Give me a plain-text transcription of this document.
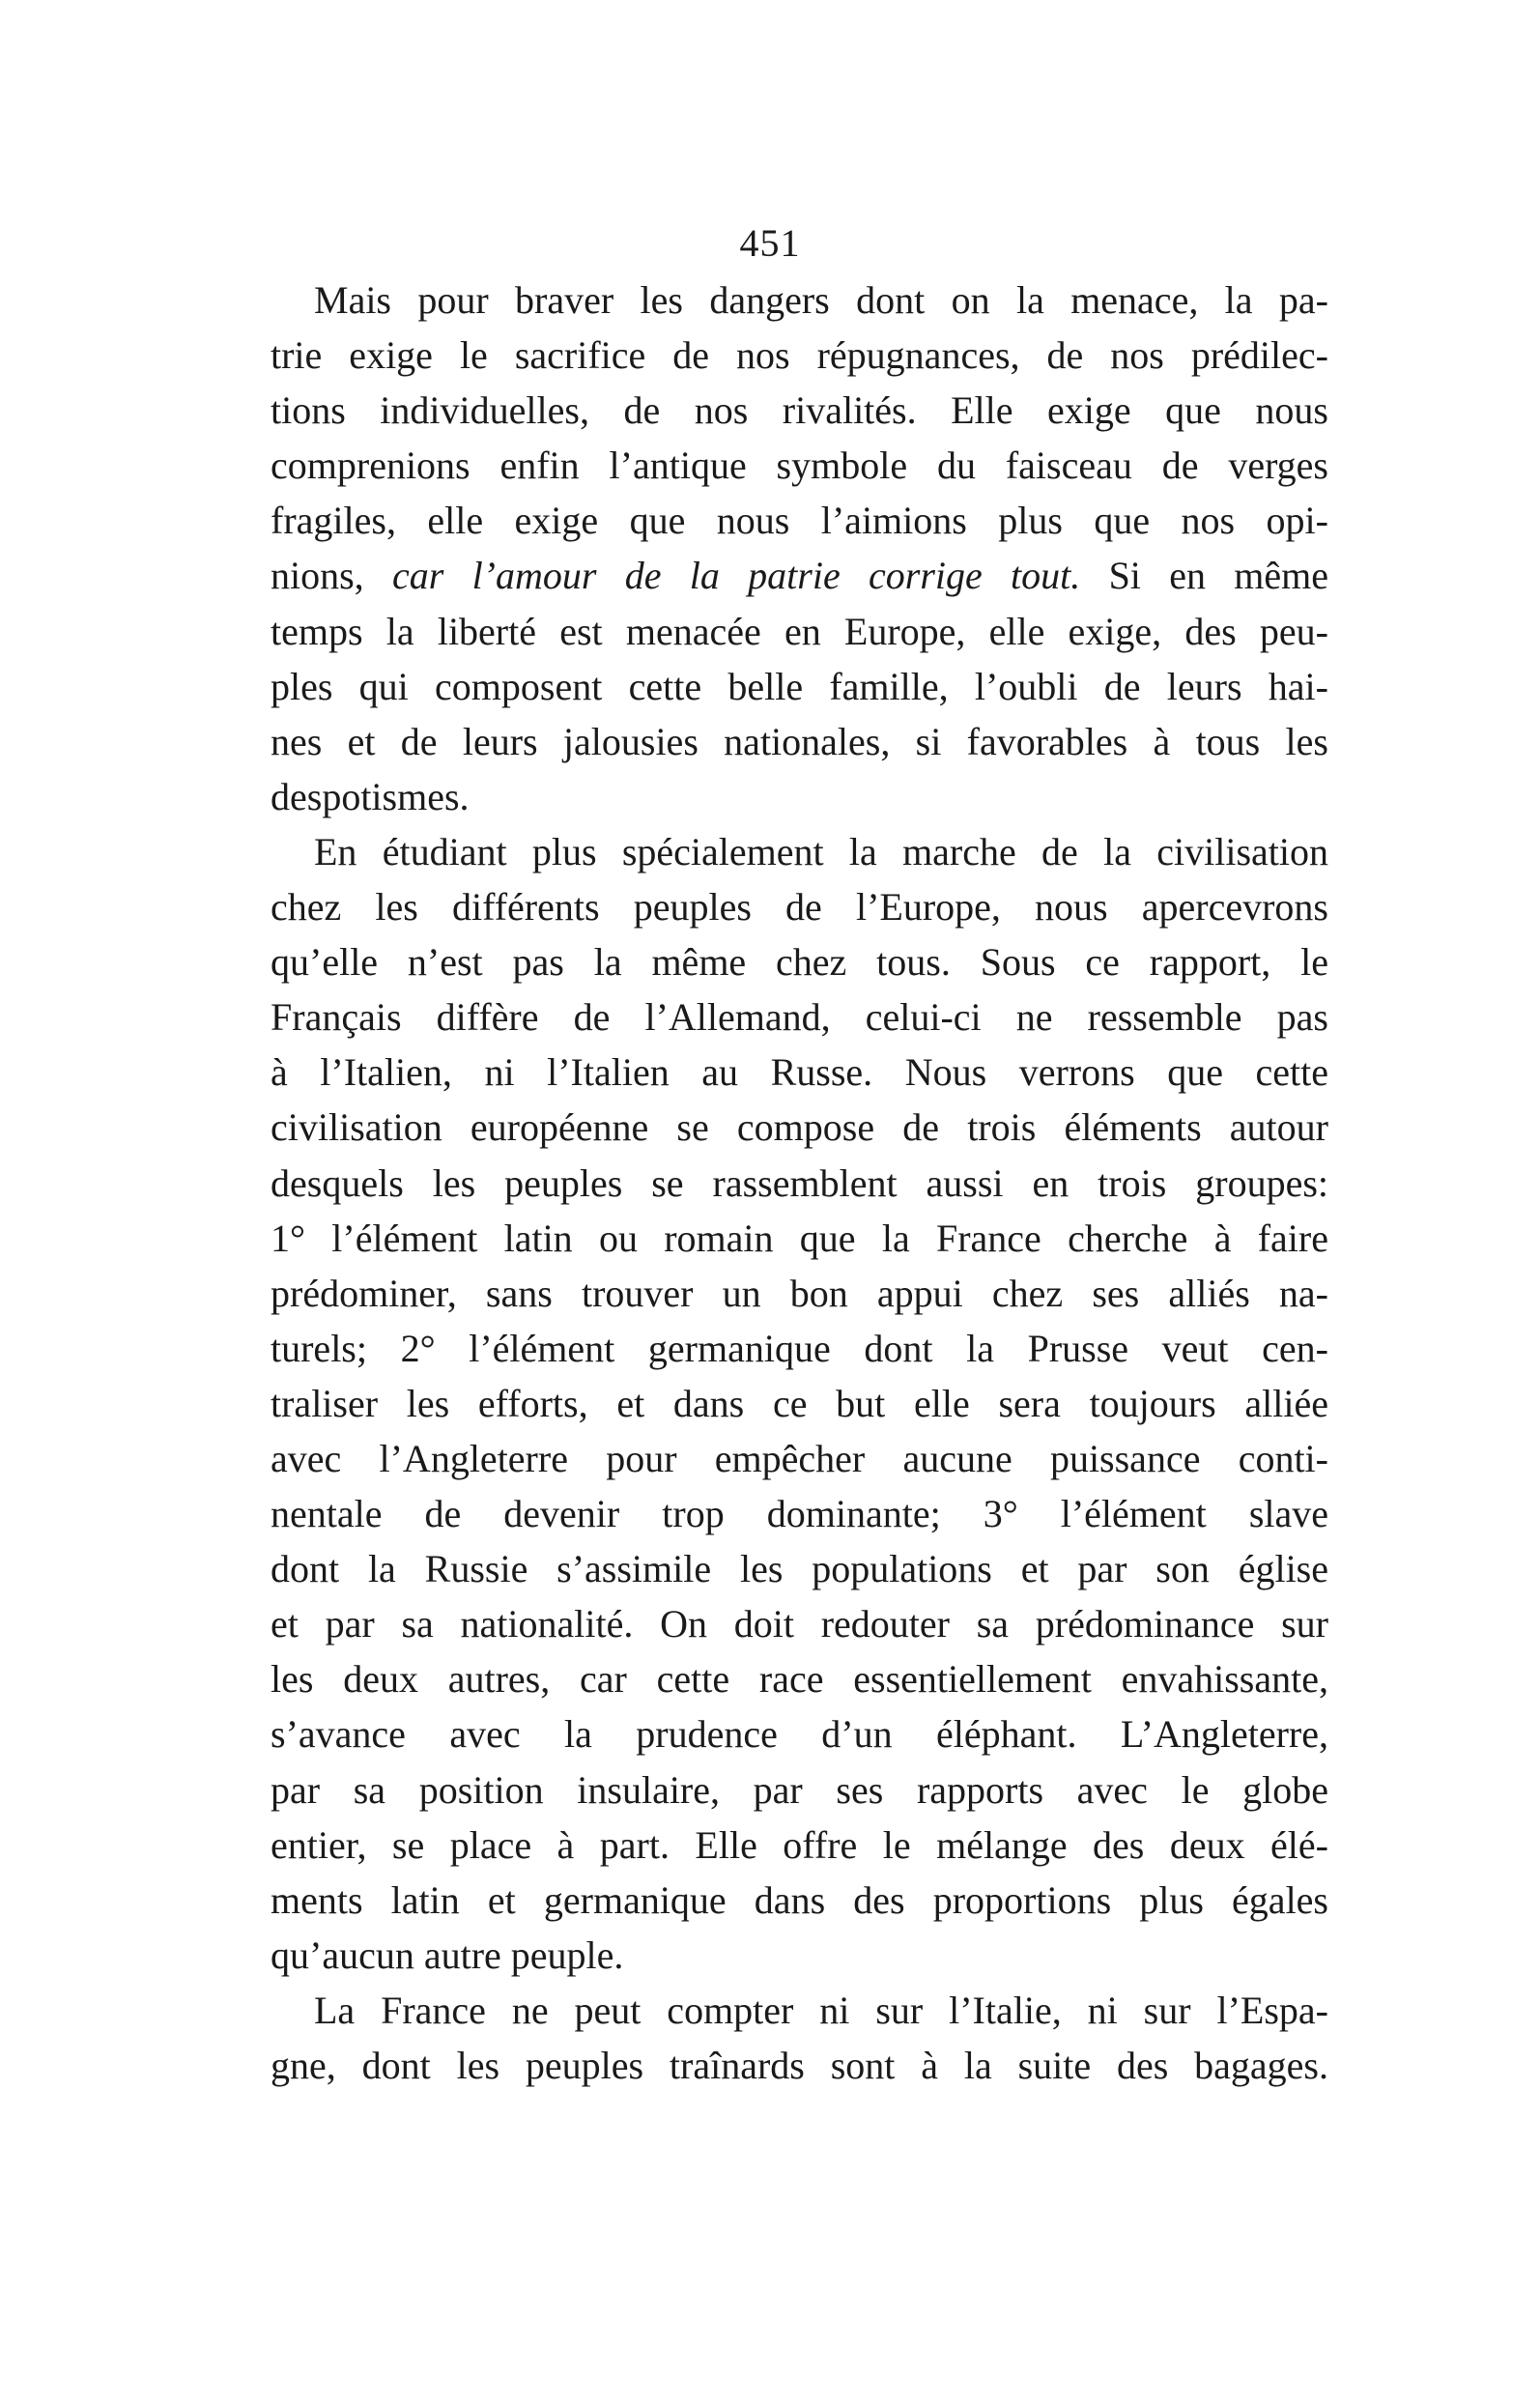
451
Mais pour braver les dangers dont on la menace, la pa-
trie exige le sacrifice de nos répugnances, de nos prédilec-
tions individuelles, de nos rivalités. Elle exige que nous
comprenions enfin l’antique symbole du faisceau de verges
fragiles, elle exige que nous l’aimions plus que nos opi-
nions, car l’amour de la patrie corrige tout. Si en même
temps la liberté est menacée en Europe, elle exige, des peu-
ples qui composent cette belle famille, l’oubli de leurs hai-
nes et de leurs jalousies nationales, si favorables à tous les
despotismes.
En étudiant plus spécialement la marche de la civilisation
chez les différents peuples de l’Europe, nous apercevrons
qu’elle n’est pas la même chez tous. Sous ce rapport, le
Français diffère de l’Allemand, celui-ci ne ressemble pas
à l’Italien, ni l’Italien au Russe. Nous verrons que cette
civilisation européenne se compose de trois éléments autour
desquels les peuples se rassemblent aussi en trois groupes:
1° l’élément latin ou romain que la France cherche à faire
prédominer, sans trouver un bon appui chez ses alliés na-
turels; 2° l’élément germanique dont la Prusse veut cen-
traliser les efforts, et dans ce but elle sera toujours alliée
avec l’Angleterre pour empêcher aucune puissance conti-
nentale de devenir trop dominante; 3° l’élément slave
dont la Russie s’assimile les populations et par son église
et par sa nationalité. On doit redouter sa prédominance sur
les deux autres, car cette race essentiellement envahissante,
s’avance avec la prudence d’un éléphant. L’Angleterre,
par sa position insulaire, par ses rapports avec le globe
entier, se place à part. Elle offre le mélange des deux élé-
ments latin et germanique dans des proportions plus égales
qu’aucun autre peuple.
La France ne peut compter ni sur l’Italie, ni sur l’Espa-
gne, dont les peuples traînards sont à la suite des bagages.
